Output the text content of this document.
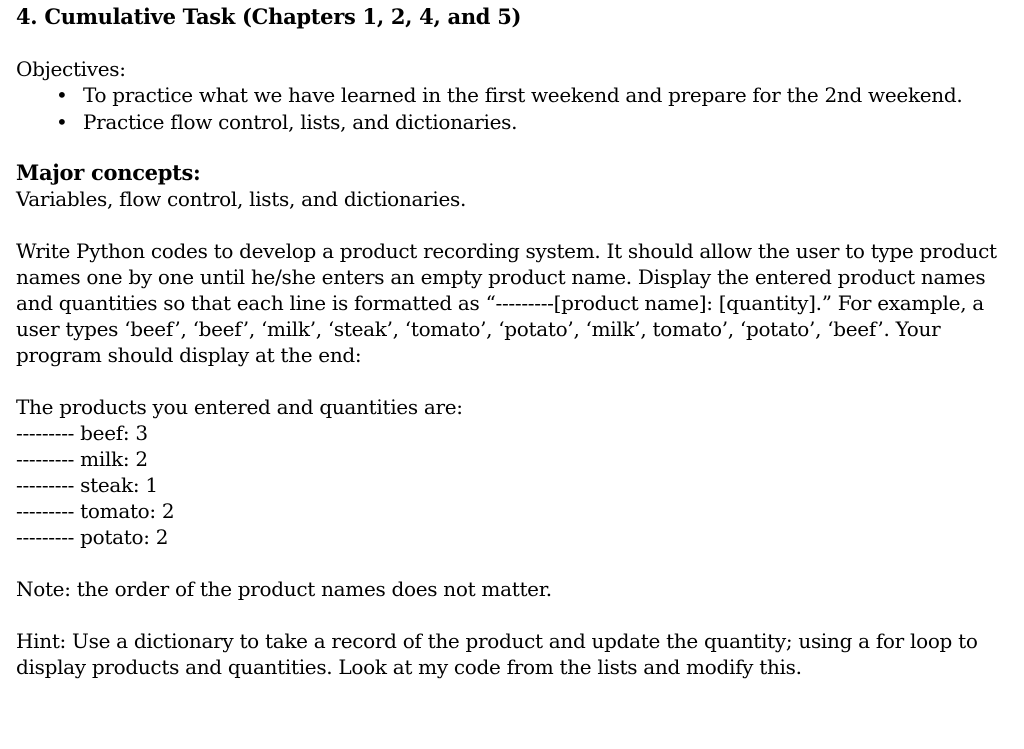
4. Cumulative Task (Chapters 1, 2, 4, and 5)
Objectives:
• To practice what we have learned in the first weekend and prepare for the 2nd weekend.
• Practice flow control, lists, and dictionaries.
Major concepts:

Variables, flow control, lists, and dictionaries.

Write Python codes to develop a product recording system. It should allow the user to type product names one by one until he/she enters an empty product name. Display the entered product names and quantities so that each line is formatted as “---------[product name]: [quantity].” For example, a user types ‘beef’, ‘beef’, ‘milk’, ‘steak’, ‘tomato’, ‘potato’, ‘milk’, tomato’, ‘potato’, ‘beef’. Your program should display at the end:

The products you entered and quantities are:
--------- beef: 3
--------- milk: 2
--------- steak: 1
--------- tomato: 2
--------- potato: 2

Note: the order of the product names does not matter.

Hint: Use a dictionary to take a record of the product and update the quantity; using a for loop to display products and quantities. Look at my code from the lists and modify this.
